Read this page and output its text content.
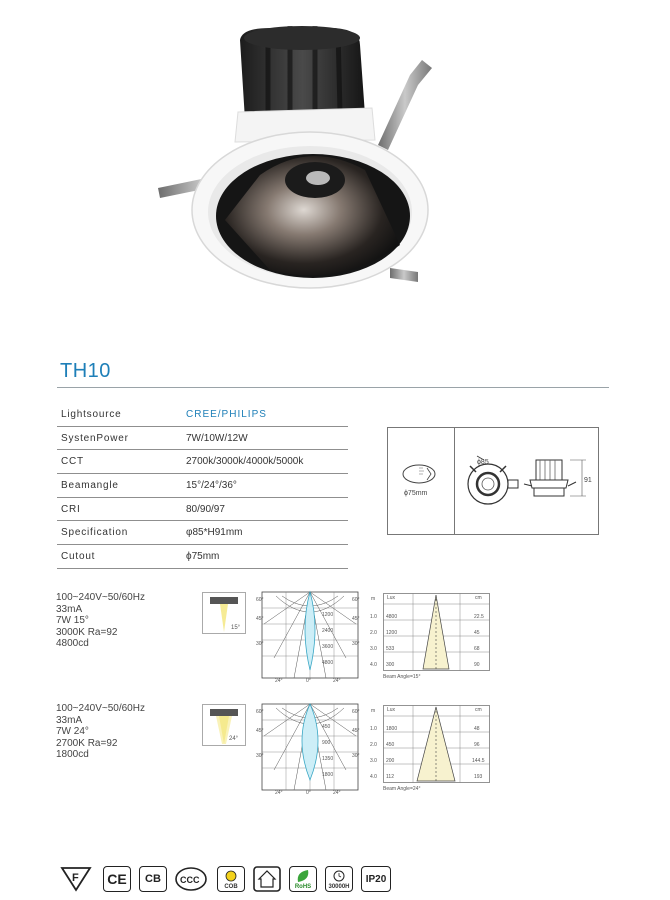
TH10
Lightsource	CREE/PHILIPS
SystenPower	7W/10W/12W
CCT	2700k/3000k/4000k/5000k
Beamangle	15°/24°/36°
CRI	80/90/97
Specification	φ85*H91mm
Cutout	ϕ75mm
ϕ75mm
ϕ85
91
100~240V~50/60Hz
33mA
7W 15°
3000K Ra=92
4800cd
15°
60°
45°
30°
60°
45°
30°
24°	0°	24°
1200
2400
3600
4800
m Lux	cm
1.0 4800	22.5
2.0 1200	45
3.0 533	68
4.0 300	90
Beam Angle=15°
100~240V~50/60Hz
33mA
7W 24°
2700K Ra=92
1800cd
24°
60°
45°
30°
60°
45°
30°
24°	0°	24°
450
900
1350
1800
m Lux	cm
1.0 1800	48
2.0 450	96
3.0 200	144.5
4.0 112	193
Beam Angle=24°
F	CE	CB	CCC
COB	RoHS	30000H
IP20
